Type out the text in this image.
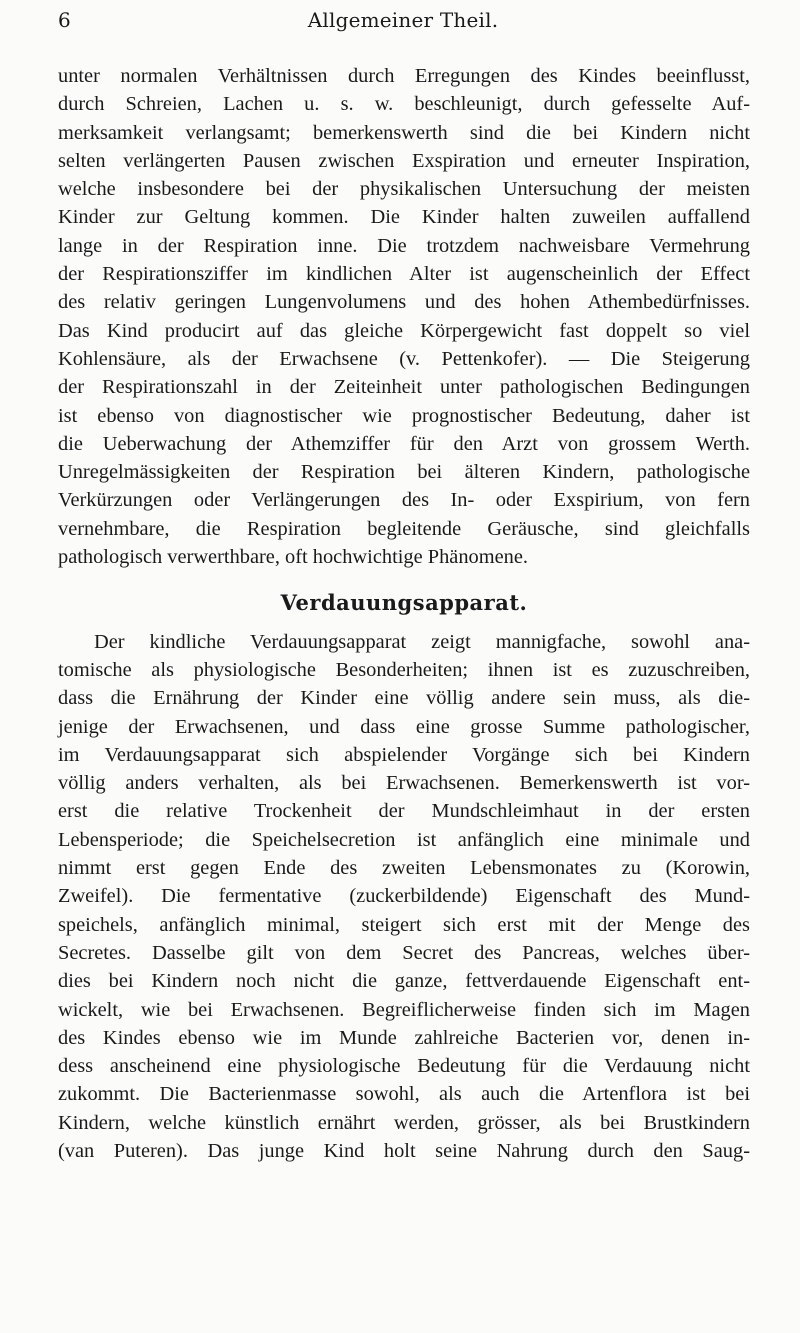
6	Allgemeiner Theil.
unter normalen Verhältnissen durch Erregungen des Kindes beeinflusst,
durch Schreien, Lachen u. s. w. beschleunigt, durch gefesselte Auf-
merksamkeit verlangsamt; bemerkenswerth sind die bei Kindern nicht
selten verlängerten Pausen zwischen Exspiration und erneuter Inspiration,
welche insbesondere bei der physikalischen Untersuchung der meisten
Kinder zur Geltung kommen. Die Kinder halten zuweilen auffallend
lange in der Respiration inne. Die trotzdem nachweisbare Vermehrung
der Respirationsziffer im kindlichen Alter ist augenscheinlich der Effect
des relativ geringen Lungenvolumens und des hohen Athembedürfnisses.
Das Kind producirt auf das gleiche Körpergewicht fast doppelt so viel
Kohlensäure, als der Erwachsene (v. Pettenkofer). — Die Steigerung
der Respirationszahl in der Zeiteinheit unter pathologischen Bedingungen
ist ebenso von diagnostischer wie prognostischer Bedeutung, daher ist
die Ueberwachung der Athemziffer für den Arzt von grossem Werth.
Unregelmässigkeiten der Respiration bei älteren Kindern, pathologische
Verkürzungen oder Verlängerungen des In- oder Exspirium, von fern
vernehmbare, die Respiration begleitende Geräusche, sind gleichfalls
pathologisch verwerthbare, oft hochwichtige Phänomene.
Verdauungsapparat.
Der kindliche Verdauungsapparat zeigt mannigfache, sowohl ana-
tomische als physiologische Besonderheiten; ihnen ist es zuzuschreiben,
dass die Ernährung der Kinder eine völlig andere sein muss, als die-
jenige der Erwachsenen, und dass eine grosse Summe pathologischer,
im Verdauungsapparat sich abspielender Vorgänge sich bei Kindern
völlig anders verhalten, als bei Erwachsenen. Bemerkenswerth ist vor-
erst die relative Trockenheit der Mundschleimhaut in der ersten
Lebensperiode; die Speichelsecretion ist anfänglich eine minimale und
nimmt erst gegen Ende des zweiten Lebensmonates zu (Korowin,
Zweifel). Die fermentative (zuckerbildende) Eigenschaft des Mund-
speichels, anfänglich minimal, steigert sich erst mit der Menge des
Secretes. Dasselbe gilt von dem Secret des Pancreas, welches über-
dies bei Kindern noch nicht die ganze, fettverdauende Eigenschaft ent-
wickelt, wie bei Erwachsenen. Begreiflicherweise finden sich im Magen
des Kindes ebenso wie im Munde zahlreiche Bacterien vor, denen in-
dess anscheinend eine physiologische Bedeutung für die Verdauung nicht
zukommt. Die Bacterienmasse sowohl, als auch die Artenflora ist bei
Kindern, welche künstlich ernährt werden, grösser, als bei Brustkindern
(van Puteren). Das junge Kind holt seine Nahrung durch den Saug-
